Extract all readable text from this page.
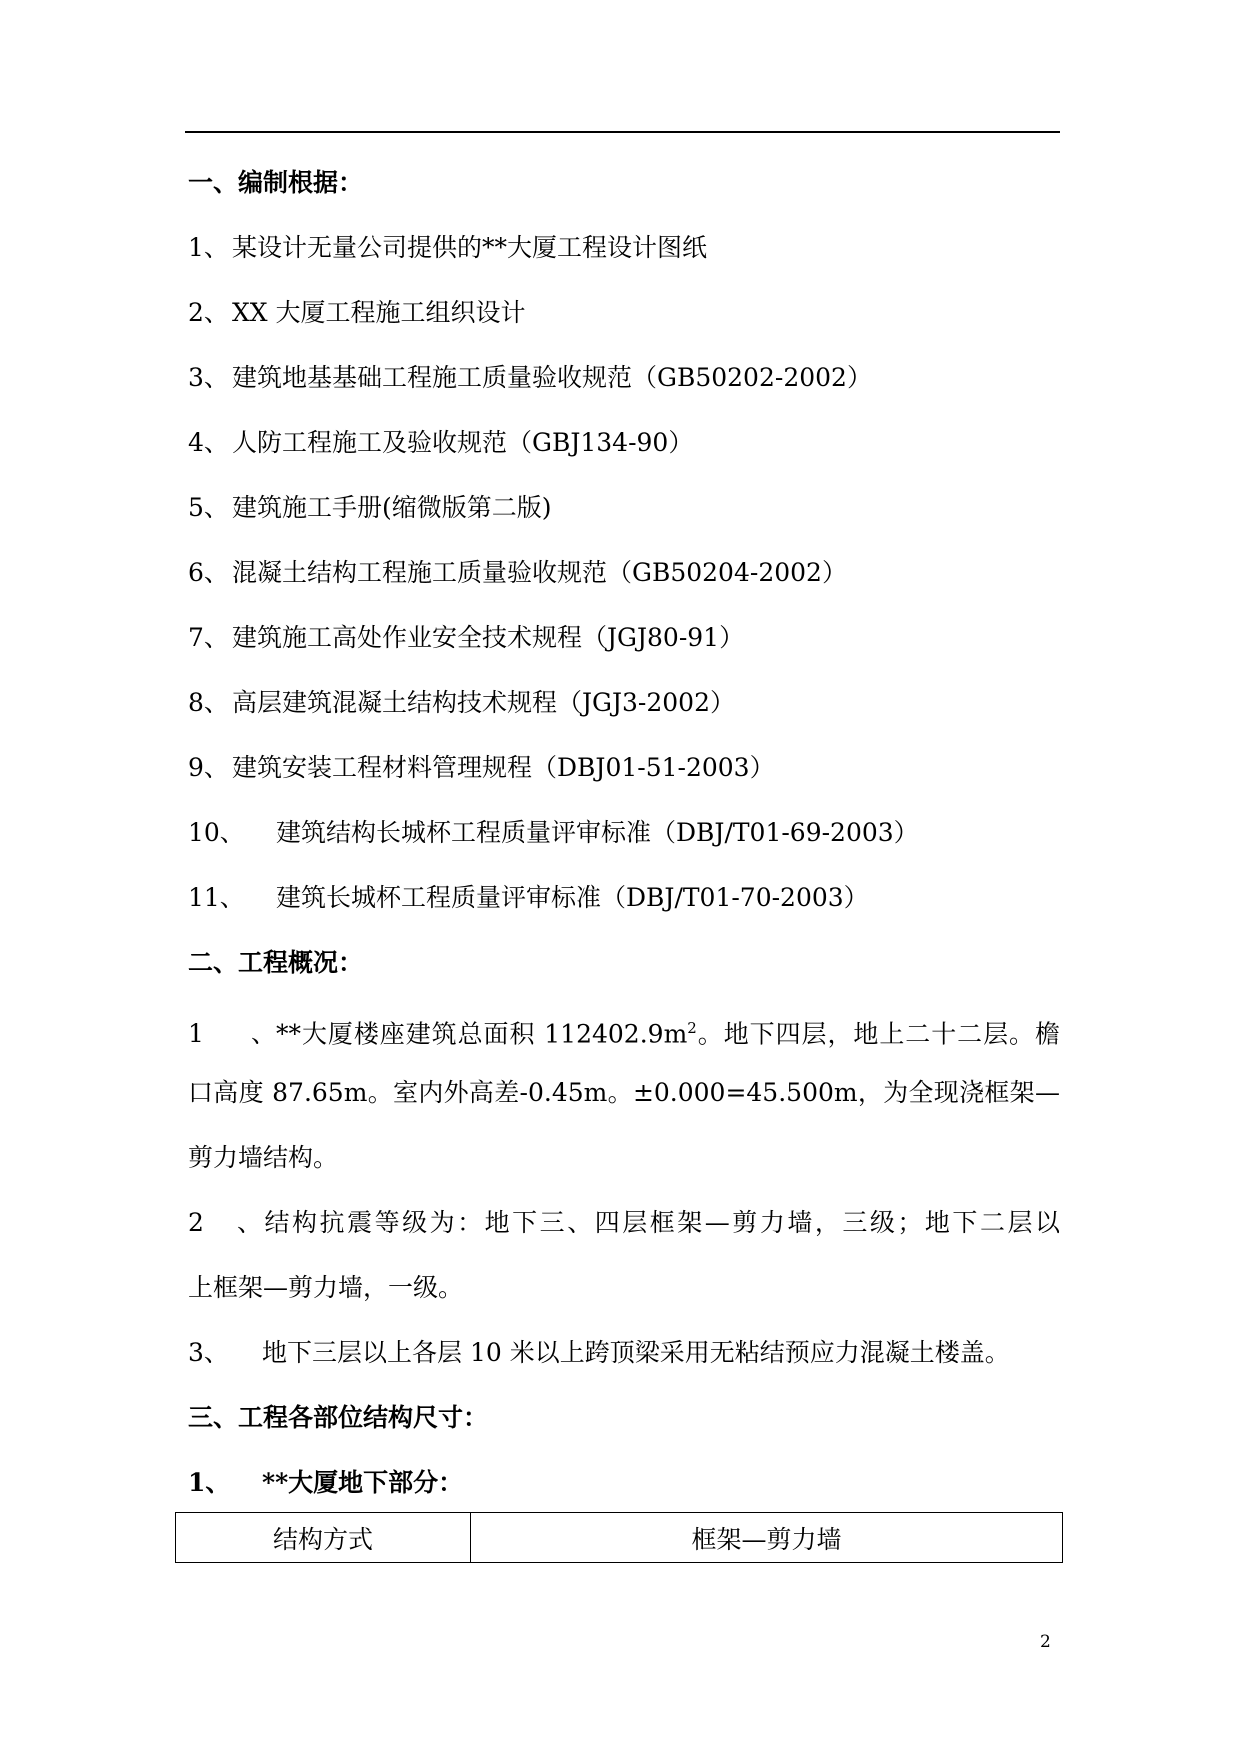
一、编制根据：
1、 某设计无量公司提供的**大厦工程设计图纸
2、 XX 大厦工程施工组织设计
3、 建筑地基基础工程施工质量验收规范（GB50202-2002）
4、 人防工程施工及验收规范（GBJ134-90）
5、 建筑施工手册(缩微版第二版)
6、 混凝土结构工程施工质量验收规范（GB50204-2002）
7、 建筑施工高处作业安全技术规程（JGJ80-91）
8、 高层建筑混凝土结构技术规程（JGJ3-2002）
9、 建筑安装工程材料管理规程（DBJ01-51-2003）
10、 建筑结构长城杯工程质量评审标准（DBJ/T01-69-2003）
11、 建筑长城杯工程质量评审标准（DBJ/T01-70-2003）
二、工程概况：
1、**大厦楼座建筑总面积 $112402.9m^2$。地下四层，地上二十二层。檐
口高度 87.65m。室内外高差-0.45m。±0.000=45.500m，为全现浇框架—
剪力墙结构。
2、结构抗震等级为：地下三、四层框架—剪力墙，三级；地下二层以
上框架—剪力墙，一级。
3、 地下三层以上各层 10 米以上跨顶梁采用无粘结预应力混凝土楼盖。
三、工程各部位结构尺寸：
1、 **大厦地下部分：
结构方式	框架—剪力墙
2
